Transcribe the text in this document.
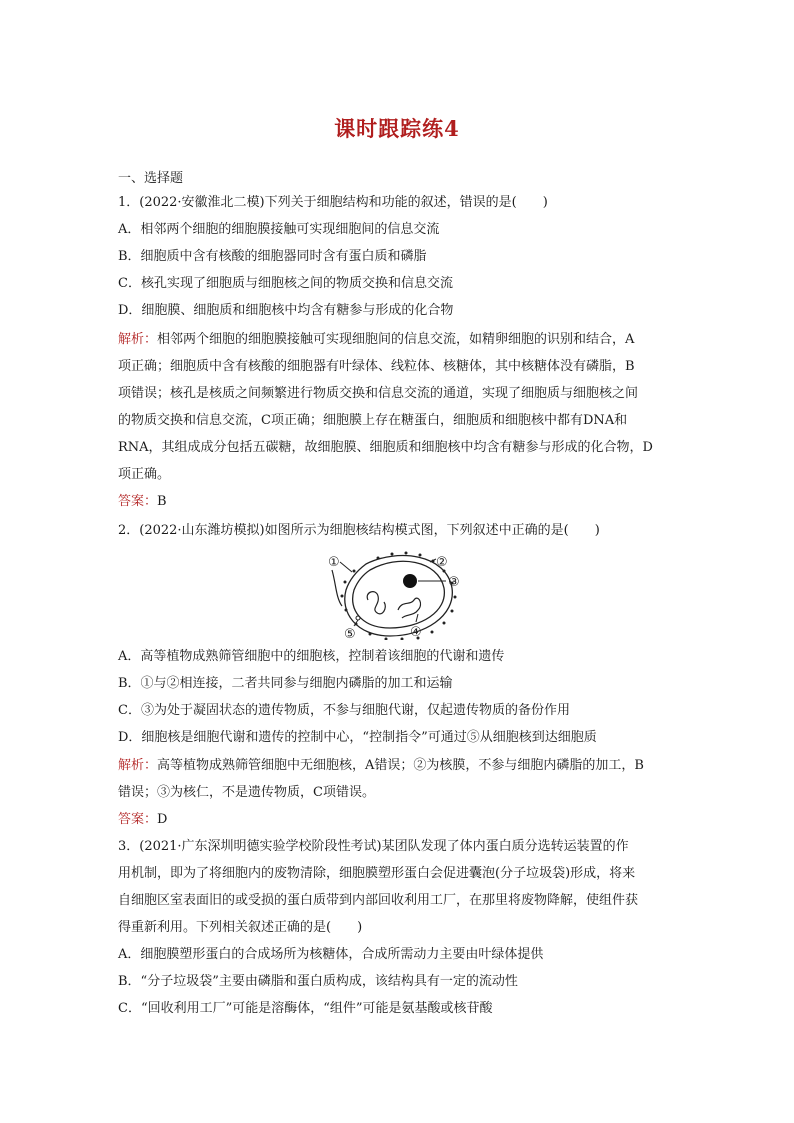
课时跟踪练4
一、选择题
1．(2022·安徽淮北二模)下列关于细胞结构和功能的叙述，错误的是(　　)
A．相邻两个细胞的细胞膜接触可实现细胞间的信息交流
B．细胞质中含有核酸的细胞器同时含有蛋白质和磷脂
C．核孔实现了细胞质与细胞核之间的物质交换和信息交流
D．细胞膜、细胞质和细胞核中均含有糖参与形成的化合物
解析：相邻两个细胞的细胞膜接触可实现细胞间的信息交流，如精卵细胞的识别和结合，A
项正确；细胞质中含有核酸的细胞器有叶绿体、线粒体、核糖体，其中核糖体没有磷脂，B
项错误；核孔是核质之间频繁进行物质交换和信息交流的通道，实现了细胞质与细胞核之间
的物质交换和信息交流，C项正确；细胞膜上存在糖蛋白，细胞质和细胞核中都有DNA和
RNA，其组成成分包括五碳糖，故细胞膜、细胞质和细胞核中均含有糖参与形成的化合物，D
项正确。
答案：B
2．(2022·山东潍坊模拟)如图所示为细胞核结构模式图，下列叙述中正确的是(　　)
①	②
③
④
⑤
A．高等植物成熟筛管细胞中的细胞核，控制着该细胞的代谢和遗传
B．①与②相连接，二者共同参与细胞内磷脂的加工和运输
C．③为处于凝固状态的遗传物质，不参与细胞代谢，仅起遗传物质的备份作用
D．细胞核是细胞代谢和遗传的控制中心，“控制指令”可通过⑤从细胞核到达细胞质
解析：高等植物成熟筛管细胞中无细胞核，A错误；②为核膜，不参与细胞内磷脂的加工，B
错误；③为核仁，不是遗传物质，C项错误。
答案：D
3．(2021·广东深圳明德实验学校阶段性考试)某团队发现了体内蛋白质分选转运装置的作
用机制，即为了将细胞内的废物清除，细胞膜塑形蛋白会促进囊泡(分子垃圾袋)形成，将来
自细胞区室表面旧的或受损的蛋白质带到内部回收利用工厂，在那里将废物降解，使组件获
得重新利用。下列相关叙述正确的是(　　)
A．细胞膜塑形蛋白的合成场所为核糖体，合成所需动力主要由叶绿体提供
B．“分子垃圾袋”主要由磷脂和蛋白质构成，该结构具有一定的流动性
C．“回收利用工厂”可能是溶酶体，“组件”可能是氨基酸或核苷酸
